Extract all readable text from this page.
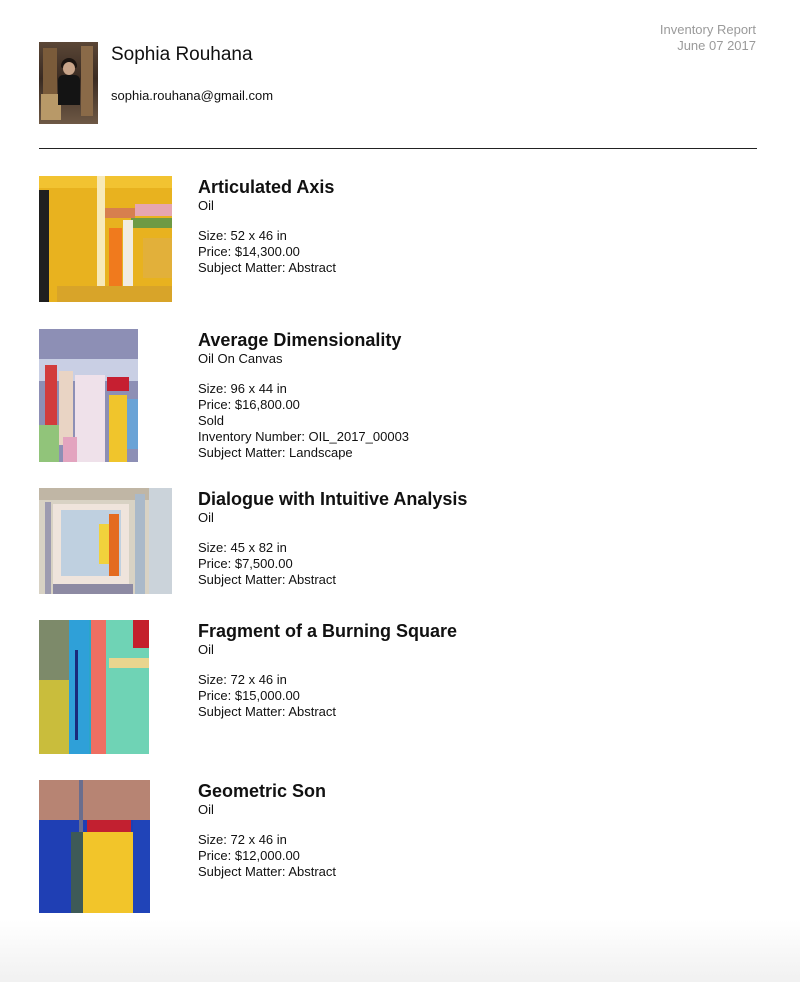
Inventory Report
June 07 2017
Sophia Rouhana
sophia.rouhana@gmail.com
Articulated Axis
Oil
Size: 52 x 46 in
Price: $14,300.00
Subject Matter: Abstract
Average Dimensionality
Oil On Canvas
Size: 96 x 44 in
Price: $16,800.00
Sold
Inventory Number: OIL_2017_00003
Subject Matter: Landscape
Dialogue with Intuitive Analysis
Oil
Size: 45 x 82 in
Price: $7,500.00
Subject Matter: Abstract
Fragment of a Burning Square
Oil
Size: 72 x 46 in
Price: $15,000.00
Subject Matter: Abstract
Geometric Son
Oil
Size: 72 x 46 in
Price: $12,000.00
Subject Matter: Abstract
